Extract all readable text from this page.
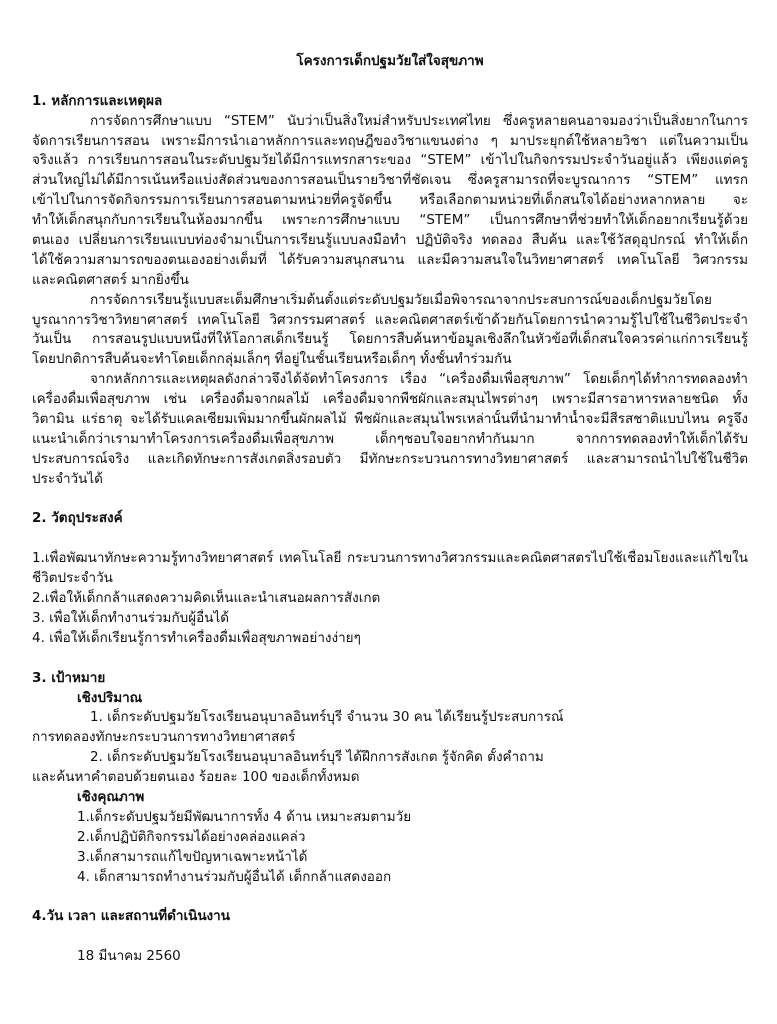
โครงการเด็กปฐมวัยใส่ใจสุขภาพ
1. หลักการและเหตุผล
การจัดการศึกษาแบบ “STEM” นับว่าเป็นสิ่งใหม่สำหรับประเทศไทย ซึ่งครูหลายคนอาจมองว่าเป็นสิ่งยากในการ
จัดการเรียนการสอน เพราะมีการนำเอาหลักการและทฤษฎีของวิชาแขนงต่าง ๆ มาประยุกต์ใช้หลายวิชา แต่ในความเป็น
จริงแล้ว การเรียนการสอนในระดับปฐมวัยได้มีการแทรกสาระของ “STEM” เข้าไปในกิจกรรมประจำวันอยู่แล้ว เพียงแต่ครู
ส่วนใหญ่ไม่ได้มีการเน้นหรือแบ่งสัดส่วนของการสอนเป็นรายวิชาที่ชัดเจน ซึ่งครูสามารถที่จะบูรณาการ “STEM” แทรก
เข้าไปในการจัดกิจกรรมการเรียนการสอนตามหน่วยที่ครูจัดขึ้น หรือเลือกตามหน่วยที่เด็กสนใจได้อย่างหลากหลาย จะ
ทำให้เด็กสนุกกับการเรียนในห้องมากขึ้น เพราะการศึกษาแบบ “STEM” เป็นการศึกษาที่ช่วยทำให้เด็กอยากเรียนรู้ด้วย
ตนเอง เปลี่ยนการเรียนแบบท่องจำมาเป็นการเรียนรู้แบบลงมือทำ ปฏิบัติจริง ทดลอง สืบค้น และใช้วัสดุอุปกรณ์ ทำให้เด็ก
ได้ใช้ความสามารถของตนเองอย่างเต็มที่ ได้รับความสนุกสนาน และมีความสนใจในวิทยาศาสตร์ เทคโนโลยี วิศวกรรม
และคณิตศาสตร์ มากยิ่งขึ้น
การจัดการเรียนรู้แบบสะเต็มศึกษาเริ่มต้นตั้งแต่ระดับปฐมวัยเมื่อพิจารณาจากประสบการณ์ของเด็กปฐมวัยโดย
บูรณาการวิชาวิทยาศาสตร์ เทคโนโลยี วิศวกรรมศาสตร์ และคณิตศาสตร์เข้าด้วยกันโดยการนำความรู้ไปใช้ในชีวิตประจำ
วันเป็น การสอนรูปแบบหนึ่งที่ให้โอกาสเด็กเรียนรู้ โดยการสืบค้นหาข้อมูลเชิงลึกในหัวข้อที่เด็กสนใจควรค่าแก่การเรียนรู้
โดยปกติการสืบค้นจะทำโดยเด็กกลุ่มเล็กๆ ที่อยู่ในชั้นเรียนหรือเด็กๆ ทั้งชั้นทำร่วมกัน
จากหลักการและเหตุผลดังกล่าวจึงได้จัดทำโครงการ เรื่อง “เครื่องดื่มเพื่อสุขภาพ” โดยเด็กๆได้ทำการทดลองทำ
เครื่องดื่มเพื่อสุขภาพ เช่น เครื่องดื่มจากผลไม้ เครื่องดื่มจากพืชผักและสมุนไพรต่างๆ เพราะมีสารอาหารหลายชนิด ทั้ง
วิตามิน แร่ธาตุ จะได้รับแคลเซียมเพิ่มมากขึ้นผักผลไม้ พืชผักและสมุนไพรเหล่านั้นที่นำมาทำน้ำจะมีสีรสชาติแบบไหน ครูจึง
แนะนำเด็กว่าเรามาทำโครงการเครื่องดื่มเพื่อสุขภาพ เด็กๆชอบใจอยากทำกันมาก จากการทดลองทำให้เด็กได้รับ
ประสบการณ์จริง และเกิดทักษะการสังเกตสิ่งรอบตัว มีทักษะกระบวนการทางวิทยาศาสตร์ และสามารถนำไปใช้ในชีวิต
ประจำวันได้
2. วัตถุประสงค์
1.เพื่อพัฒนาทักษะความรู้ทางวิทยาศาสตร์ เทคโนโลยี กระบวนการทางวิศวกรรมและคณิตศาสตรไปใช้เชื่อมโยงและแก้ไขใน
ชีวิตประจำวัน
2.เพื่อให้เด็กกล้าแสดงความคิดเห็นและนำเสนอผลการสังเกต
3. เพื่อให้เด็กทำงานร่วมกับผู้อื่นได้
4. เพื่อให้เด็กเรียนรู้การทำเครื่องดื่มเพื่อสุขภาพอย่างง่ายๆ
3. เป้าหมาย
เชิงปริมาณ
1. เด็กระดับปฐมวัยโรงเรียนอนุบาลอินทร์บุรี จำนวน 30 คน ได้เรียนรู้ประสบการณ์
การทดลองทักษะกระบวนการทางวิทยาศาสตร์
2. เด็กระดับปฐมวัยโรงเรียนอนุบาลอินทร์บุรี ได้ฝึกการสังเกต รู้จักคิด ตั้งคำถาม
และค้นหาคำตอบด้วยตนเอง ร้อยละ 100 ของเด็กทั้งหมด
เชิงคุณภาพ
1.เด็กระดับปฐมวัยมีพัฒนาการทั้ง 4 ด้าน เหมาะสมตามวัย
2.เด็กปฏิบัติกิจกรรมได้อย่างคล่องแคล่ว
3.เด็กสามารถแก้ไขปัญหาเฉพาะหน้าได้
4. เด็กสามารถทำงานร่วมกับผู้อื่นได้ เด็กกล้าแสดงออก
4.วัน เวลา และสถานที่ดำเนินงาน
18 มีนาคม 2560
